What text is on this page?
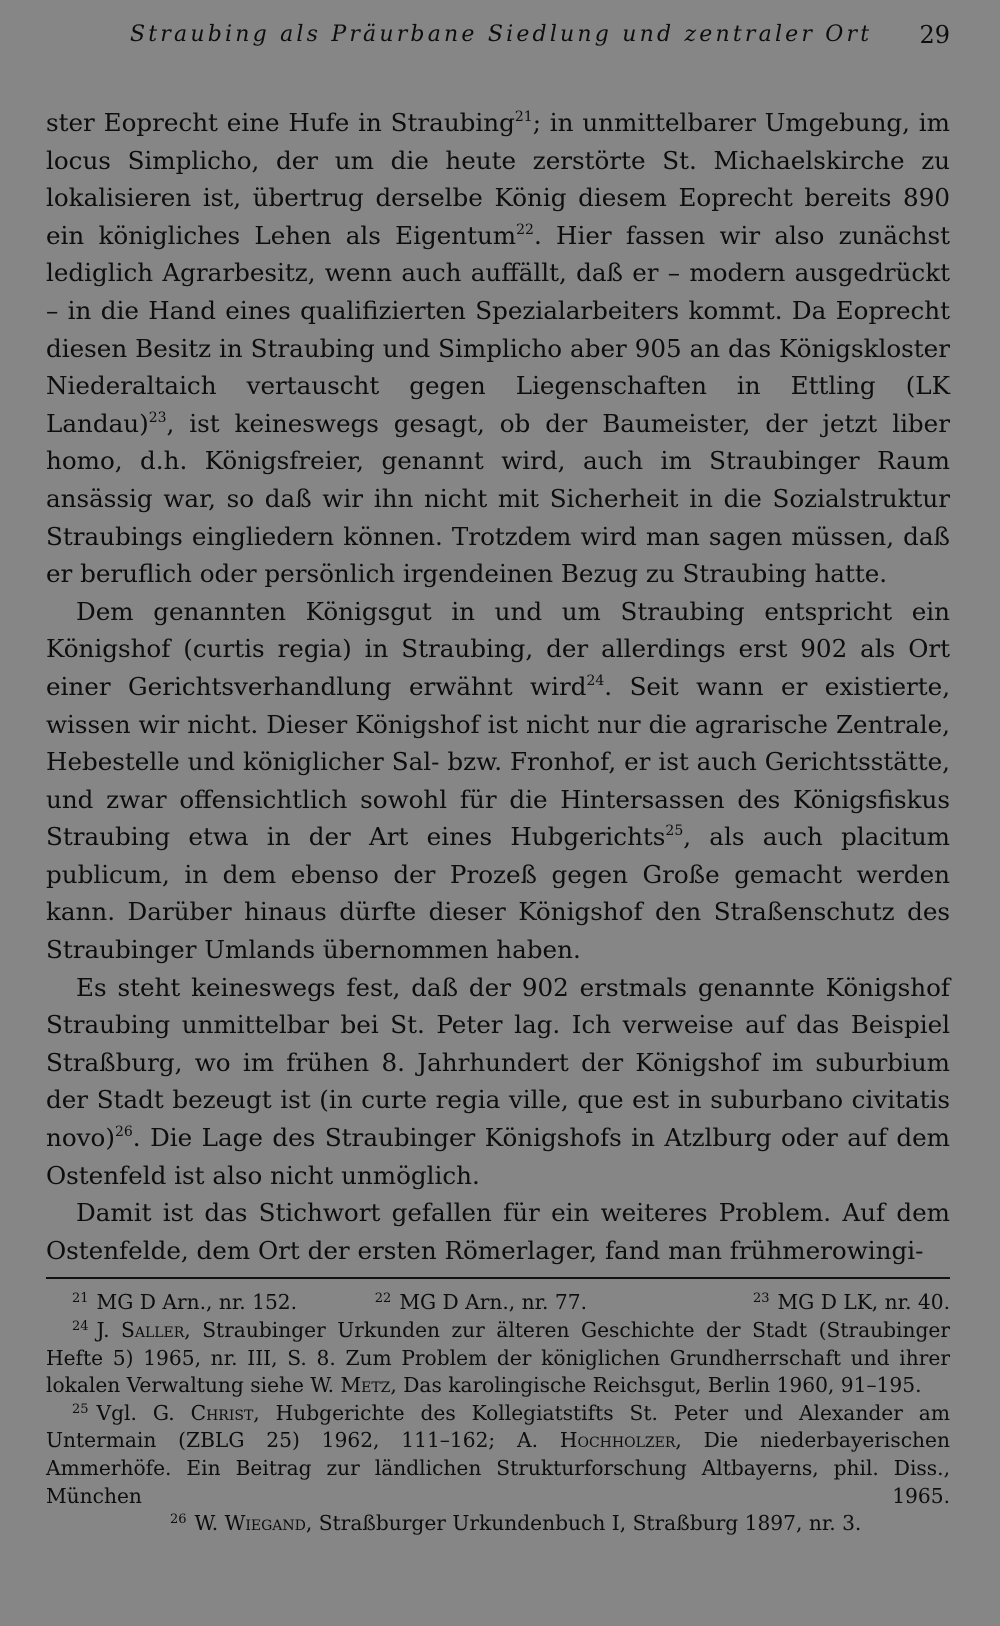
Straubing als Präurbane Siedlung und zentraler Ort 29

ster Eoprecht eine Hufe in Straubing$^{21}$; in unmittelbarer Umgebung, im locus Simplicho, der um die heute zerstörte St. Michaelskirche zu lokalisieren ist, übertrug derselbe König diesem Eoprecht bereits 890 ein königliches Lehen als Eigentum$^{22}$. Hier fassen wir also zunächst lediglich Agrarbesitz, wenn auch auffällt, daß er – modern ausgedrückt – in die Hand eines qualifizierten Spezialarbeiters kommt. Da Eoprecht diesen Besitz in Straubing und Simplicho aber 905 an das Königskloster Niederaltaich vertauscht gegen Liegenschaften in Ettling (LK Landau)$^{23}$, ist keineswegs gesagt, ob der Baumeister, der jetzt liber homo, d.h. Königsfreier, genannt wird, auch im Straubinger Raum ansässig war, so daß wir ihn nicht mit Sicherheit in die Sozialstruktur Straubings eingliedern können. Trotzdem wird man sagen müssen, daß er beruflich oder persönlich irgendeinen Bezug zu Straubing hatte.

Dem genannten Königsgut in und um Straubing entspricht ein Königshof (curtis regia) in Straubing, der allerdings erst 902 als Ort einer Gerichtsverhandlung erwähnt wird$^{24}$. Seit wann er existierte, wissen wir nicht. Dieser Königshof ist nicht nur die agrarische Zentrale, Hebestelle und königlicher Sal- bzw. Fronhof, er ist auch Gerichtsstätte, und zwar offensichtlich sowohl für die Hintersassen des Königsfiskus Straubing etwa in der Art eines Hubgerichts$^{25}$, als auch placitum publicum, in dem ebenso der Prozeß gegen Große gemacht werden kann. Darüber hinaus dürfte dieser Königshof den Straßenschutz des Straubinger Umlands übernommen haben.

Es steht keineswegs fest, daß der 902 erstmals genannte Königshof Straubing unmittelbar bei St. Peter lag. Ich verweise auf das Beispiel Straßburg, wo im frühen 8. Jahrhundert der Königshof im suburbium der Stadt bezeugt ist (in curte regia ville, que est in suburbano civitatis novo)$^{26}$. Die Lage des Straubinger Königshofs in Atzlburg oder auf dem Ostenfeld ist also nicht unmöglich.

Damit ist das Stichwort gefallen für ein weiteres Problem. Auf dem Ostenfelde, dem Ort der ersten Römerlager, fand man frühmerowingi-

$^{21}$ MG D Arn., nr. 152.	$^{22}$ MG D Arn., nr. 77.	$^{23}$ MG D LK, nr. 40.

$^{24}$ J. Saller, Straubinger Urkunden zur älteren Geschichte der Stadt (Straubinger Hefte 5) 1965, nr. III, S. 8. Zum Problem der königlichen Grundherrschaft und ihrer lokalen Verwaltung siehe W. Metz, Das karolingische Reichsgut, Berlin 1960, 91–195.

$^{25}$ Vgl. G. Christ, Hubgerichte des Kollegiatstifts St. Peter und Alexander am Untermain (ZBLG 25) 1962, 111–162; A. Hochholzer, Die niederbayerischen Ammerhöfe. Ein Beitrag zur ländlichen Strukturforschung Altbayerns, phil. Diss., München 1965.26 W. Wiegand, Straßburger Urkundenbuch I, Straßburg 1897, nr. 3.
